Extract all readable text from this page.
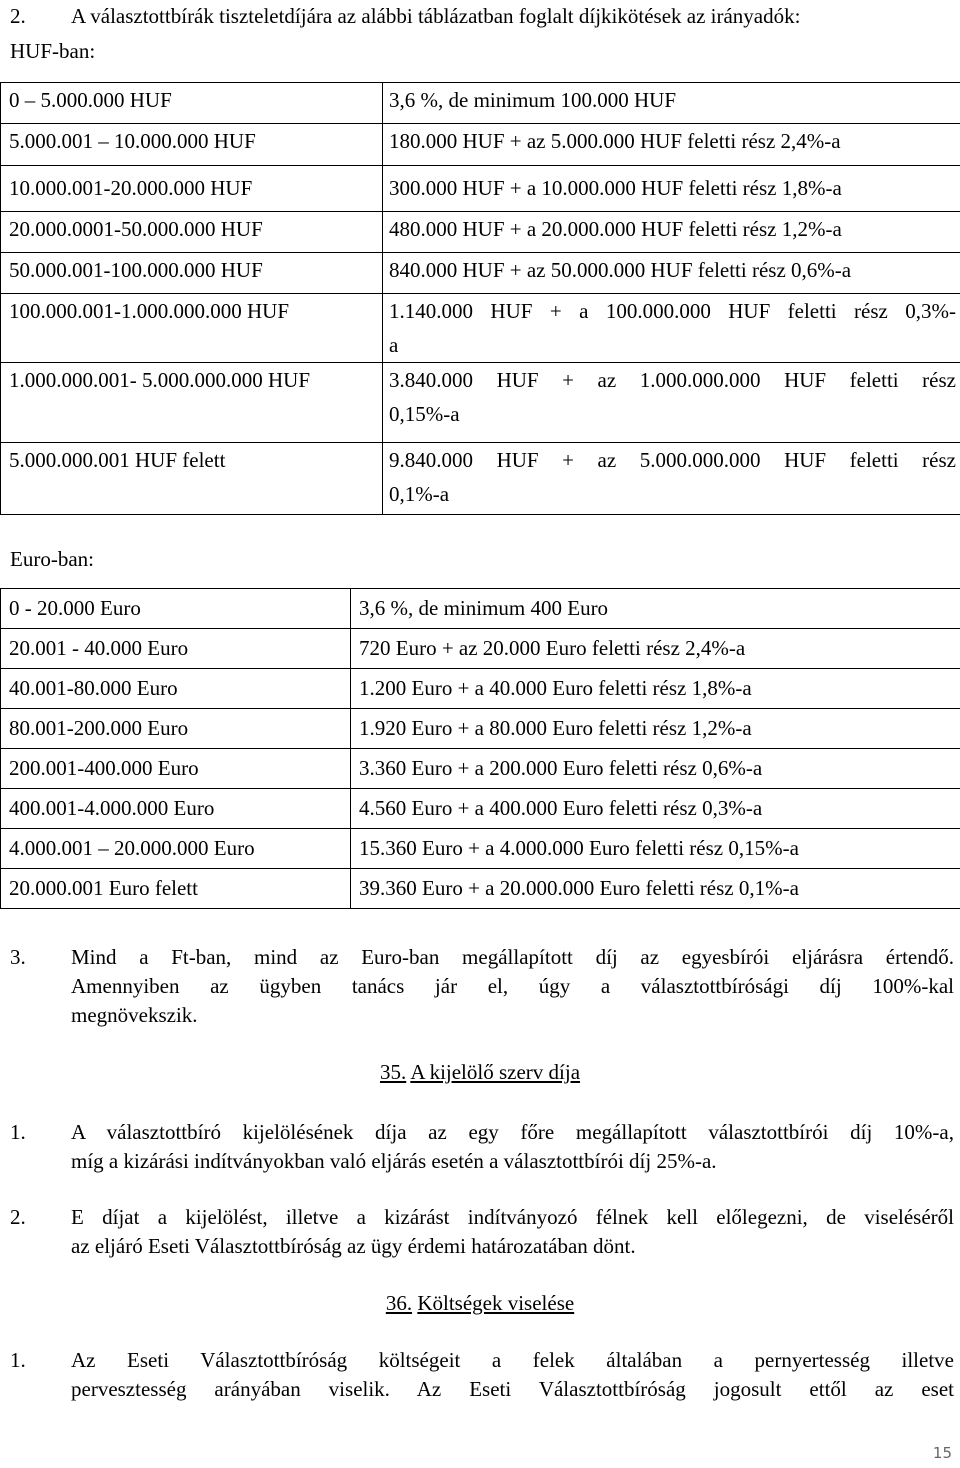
2. A választottbírák tiszteletdíjára az alábbi táblázatban foglalt díjkikötések az irányadók:
HUF-ban:
0 – 5.000.000 HUF	3,6 %, de minimum 100.000 HUF
5.000.001 – 10.000.000 HUF	180.000 HUF + az 5.000.000 HUF feletti rész 2,4%-a
10.000.001-20.000.000 HUF	300.000 HUF + a 10.000.000 HUF feletti rész 1,8%-a
20.000.0001-50.000.000 HUF	480.000 HUF + a 20.000.000 HUF feletti rész 1,2%-a
50.000.001-100.000.000 HUF	840.000 HUF + az 50.000.000 HUF feletti rész 0,6%-a
100.000.001-1.000.000.000 HUF	1.140.000 HUF + a 100.000.000 HUF feletti rész 0,3%-
a
1.000.000.001- 5.000.000.000 HUF	3.840.000 HUF + az 1.000.000.000 HUF feletti rész
0,15%-a
5.000.000.001 HUF felett	9.840.000 HUF + az 5.000.000.000 HUF feletti rész
0,1%-a
Euro-ban:
0 - 20.000 Euro	3,6 %, de minimum 400 Euro
20.001 - 40.000 Euro	720 Euro + az 20.000 Euro feletti rész 2,4%-a
40.001-80.000 Euro	1.200 Euro + a 40.000 Euro feletti rész 1,8%-a
80.001-200.000 Euro	1.920 Euro + a 80.000 Euro feletti rész 1,2%-a
200.001-400.000 Euro	3.360 Euro + a 200.000 Euro feletti rész 0,6%-a
400.001-4.000.000 Euro	4.560 Euro + a 400.000 Euro feletti rész 0,3%-a
4.000.001 – 20.000.000 Euro	15.360 Euro + a 4.000.000 Euro feletti rész 0,15%-a
20.000.001 Euro felett	39.360 Euro + a 20.000.000 Euro feletti rész 0,1%-a
3. Mind a Ft-ban, mind az Euro-ban megállapított díj az egyesbírói eljárásra értendő.
Amennyiben az ügyben tanács jár el, úgy a választottbírósági díj 100%-kal
megnövekszik.
35. A kijelölő szerv díja
1. A választottbíró kijelölésének díja az egy főre megállapított választottbírói díj 10%-a,
míg a kizárási indítványokban való eljárás esetén a választottbírói díj 25%-a.
2. E díjat a kijelölést, illetve a kizárást indítványozó félnek kell előlegezni, de viseléséről
az eljáró Eseti Választottbíróság az ügy érdemi határozatában dönt.
36. Költségek viselése
1. Az Eseti Választottbíróság költségeit a felek általában a pernyertesség illetve
pervesztesség arányában viselik. Az Eseti Választottbíróság jogosult ettől az eset
15
